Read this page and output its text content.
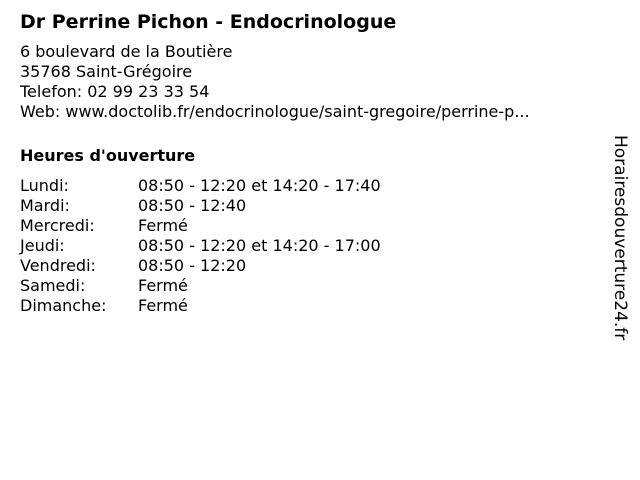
Dr Perrine Pichon - Endocrinologue
6 boulevard de la Boutière
35768 Saint-Grégoire
Telefon: 02 99 23 33 54
Web: www.doctolib.fr/endocrinologue/saint-gregoire/perrine-p...
Heures d'ouverture
Lundi:	08:50 - 12:20 et 14:20 - 17:40
Mardi:	08:50 - 12:40
Mercredi:	Fermé
Jeudi:	08:50 - 12:20 et 14:20 - 17:00
Vendredi:	08:50 - 12:20
Samedi:	Fermé
Dimanche:	Fermé	Horairesdouverture24.fr
